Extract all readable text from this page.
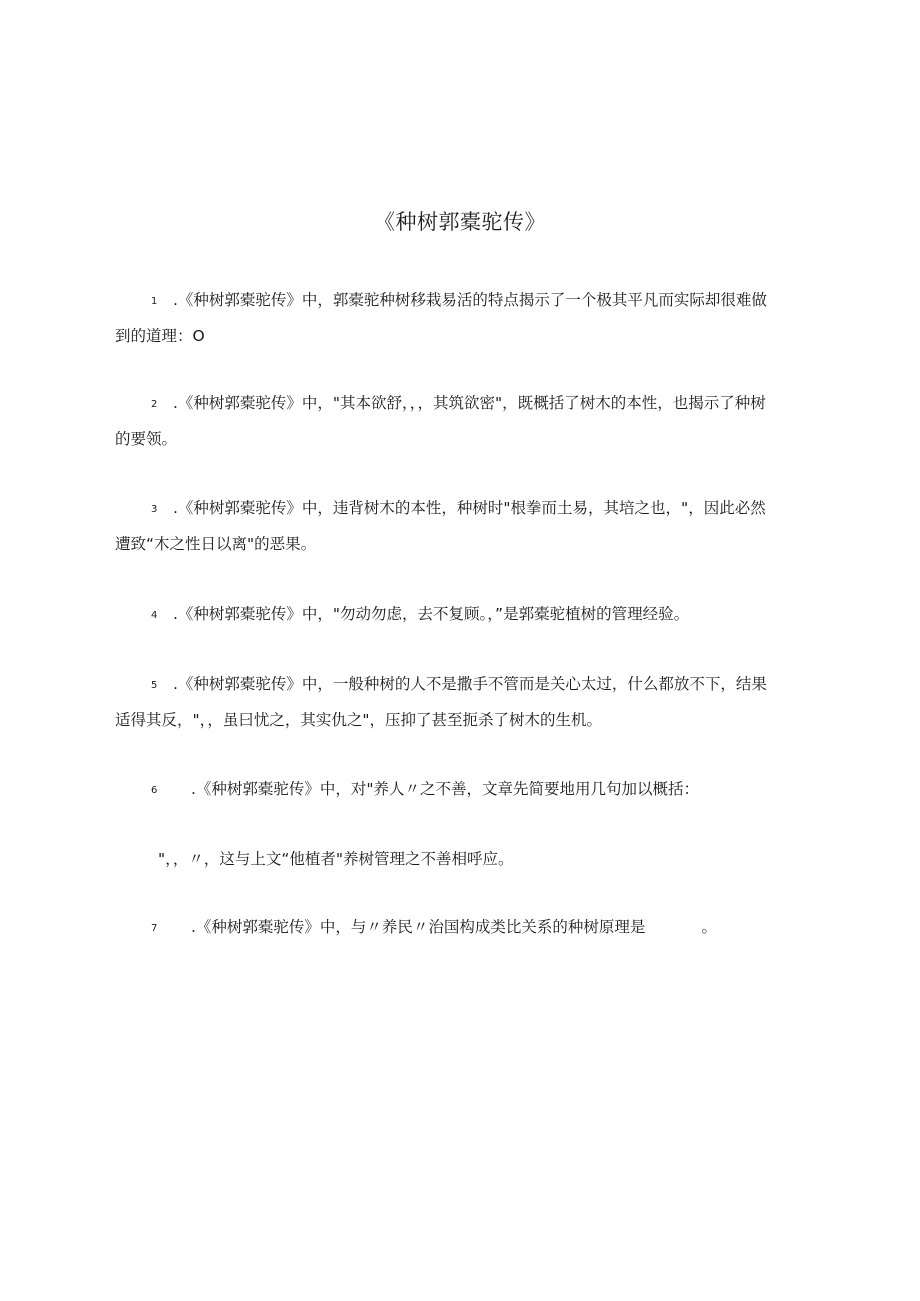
《种树郭橐驼传》
1 .《种树郭橐驼传》中，郭橐驼种树移栽易活的特点揭示了一个极其平凡而实际却很难做
到的道理：O
2 .《种树郭橐驼传》中，"其本欲舒，，，其筑欲密"，既概括了树木的本性，也揭示了种树
的要领。
3 .《种树郭橐驼传》中，违背树木的本性，种树时"根拳而土易，其培之也，"，因此必然
遭致“木之性日以离"的恶果。
4 .《种树郭橐驼传》中，"勿动勿虑，去不复顾。，”是郭橐驼植树的管理经验。
5 .《种树郭橐驼传》中，一般种树的人不是撒手不管而是关心太过，什么都放不下，结果
适得其反，"，，虽曰忧之，其实仇之"，压抑了甚至扼杀了树木的生机。
6 .《种树郭橐驼传》中，对"养人〃之不善，文章先简要地用几句加以概括：
"，，〃，这与上文“他植者"养树管理之不善相呼应。
7 .《种树郭橐驼传》中，与〃养民〃治国构成类比关系的种树原理是	。
